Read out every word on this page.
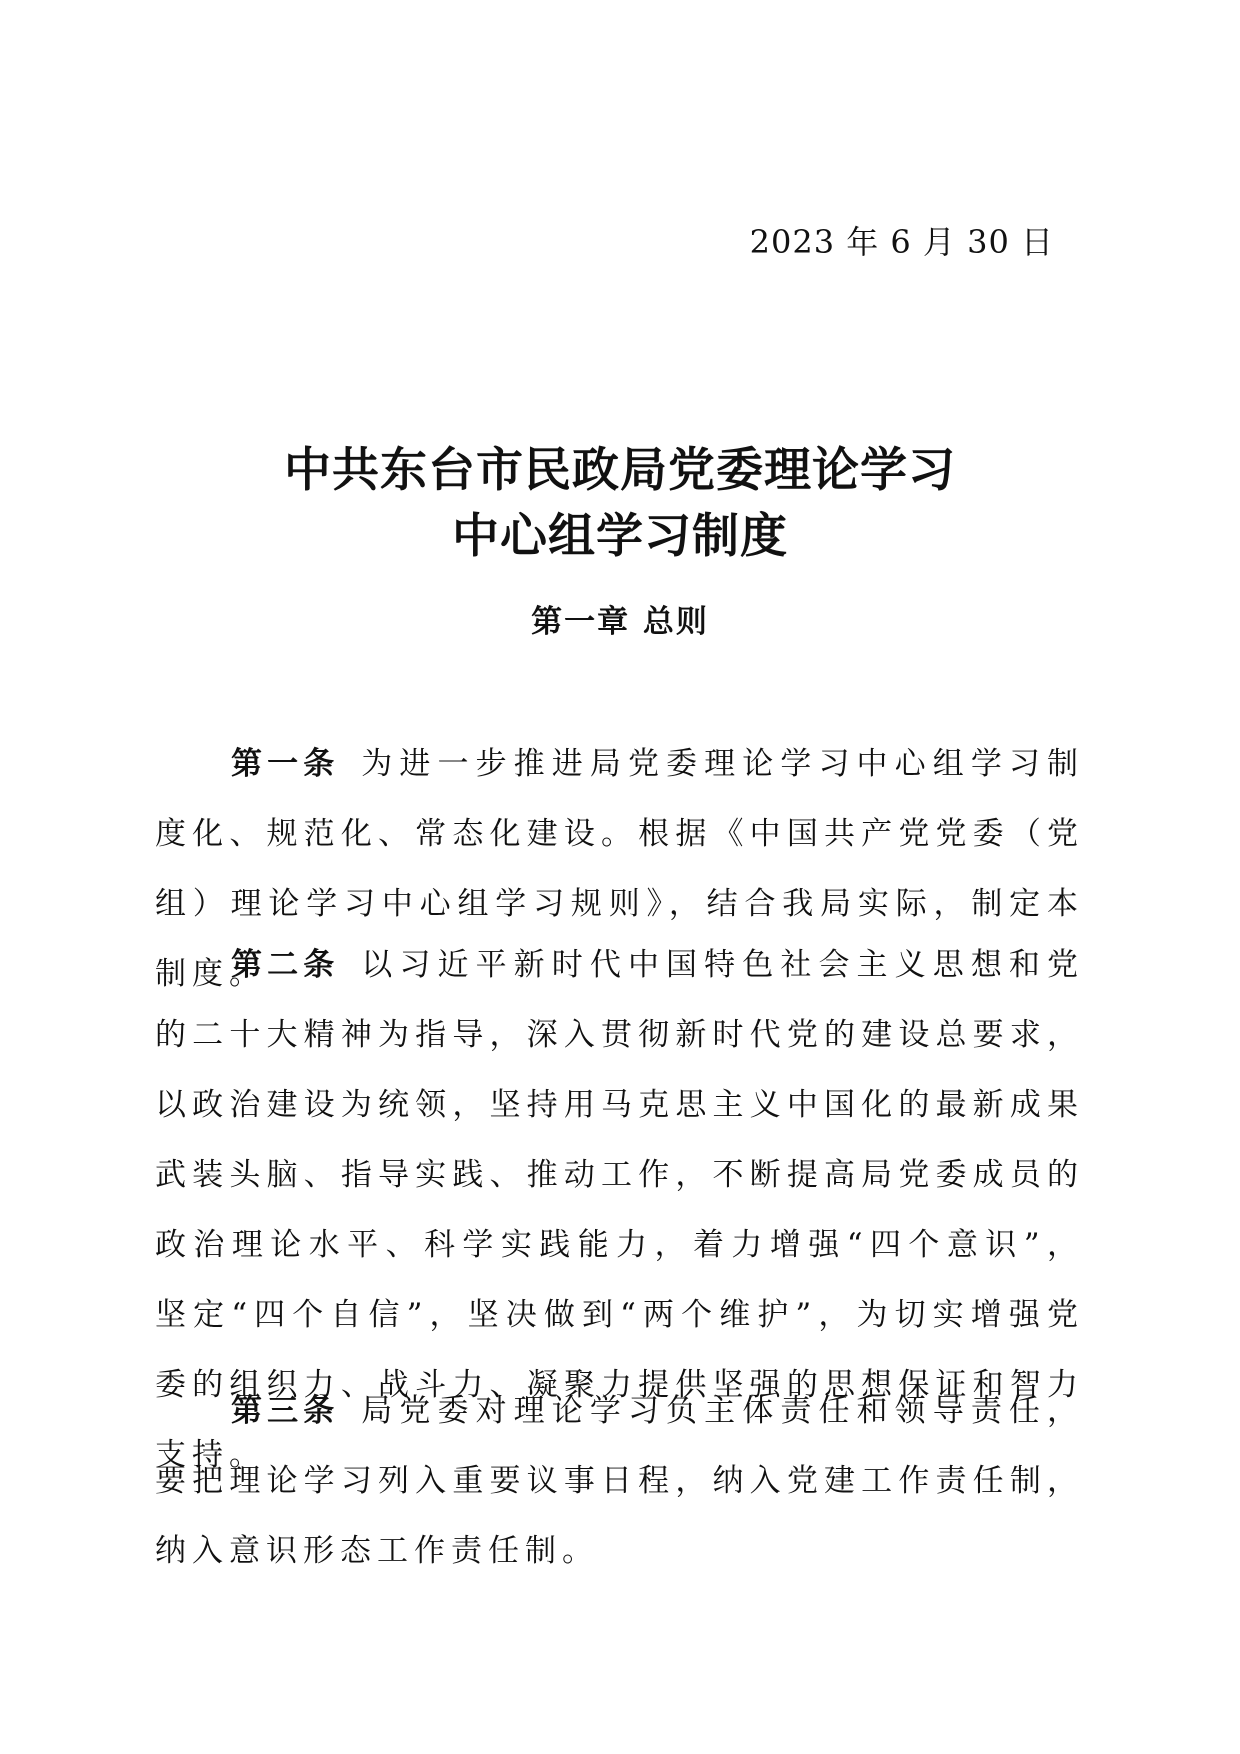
2023 年 6 月 30 日
中共东台市民政局党委理论学习
中心组学习制度
第一章 总则

第一条 为进一步推进局党委理论学习中心组学习制度化、规范化、常态化建设。根据《中国共产党党委（党组）理论学习中心组学习规则》，结合我局实际，制定本制度。

第二条 以习近平新时代中国特色社会主义思想和党的二十大精神为指导，深入贯彻新时代党的建设总要求，以政治建设为统领，坚持用马克思主义中国化的最新成果武装头脑、指导实践、推动工作，不断提高局党委成员的政治理论水平、科学实践能力，着力增强“四个意识”，坚定“四个自信”，坚决做到“两个维护”，为切实增强党委的组织力、战斗力、凝聚力提供坚强的思想保证和智力支持。

第三条 局党委对理论学习负主体责任和领导责任，要把理论学习列入重要议事日程，纳入党建工作责任制，纳入意识形态工作责任制。
